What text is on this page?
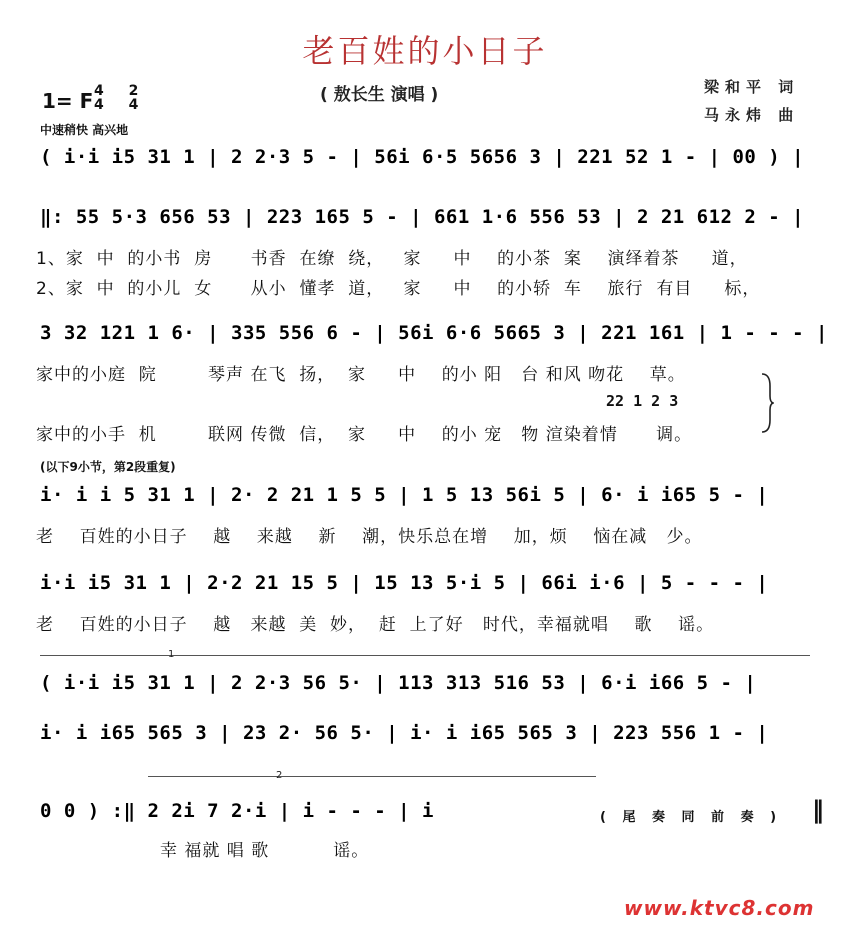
老百姓的小日子
( 敖长生 演唱 )	梁和平 词
马永炜 曲
1= F 4 2
4 4
中速稍快 高兴地
( i·i i5 31 1 | 2 2·3 5 - | 56i 6·5 5656 3 | 221 52 1 - | 00 ) |
‖: 55 5·3 656 53 | 223 165 5 - | 661 1·6 556 53 | 2 21 612 2 - |
1、家  中  的小书  房      书香  在缭  绕，   家     中    的小茶  案    演绎着茶     道，
2、家  中  的小儿  女      从小  懂孝  道，   家     中    的小轿  车    旅行  有目     标，
3 32 121 1 6· | 335 556 6 - | 56i 6·6 5665 3 | 221 161 | 1 - - - |
家中的小庭  院        琴声 在飞  扬，  家     中    的小 阳   台 和风 吻花    草。
22 1 2 3
家中的小手  机        联网 传微  信，  家     中    的小 宠   物 渲染着情      调。
(以下9小节，第2段重复)
i· i i 5 31 1 | 2· 2 21 1 5 5 | 1 5 13 56i 5 | 6· i i65 5 - |
老    百姓的小日子    越    来越    新    潮，快乐总在增    加，烦    恼在减   少。
i·i i5 31 1 | 2·2 21 15 5 | 15 13 5·i 5 | 66i i·6 | 5 - - - |
老    百姓的小日子    越   来越  美  妙，  赶  上了好   时代，幸福就唱    歌    谣。
1
( i·i i5 31 1 | 2 2·3 56 5· | 113 313 516 53 | 6·i i66 5 - |
i· i i65 565 3 | 23 2· 56 5· | i· i i65 565 3 | 223 556 1 - |
2
0 0 ) :‖ 2 2i 7 2·i | i - - - | i	( 尾 奏 同 前 奏 ) ‖
幸 福就 唱 歌          谣。
www.ktvc8.com
